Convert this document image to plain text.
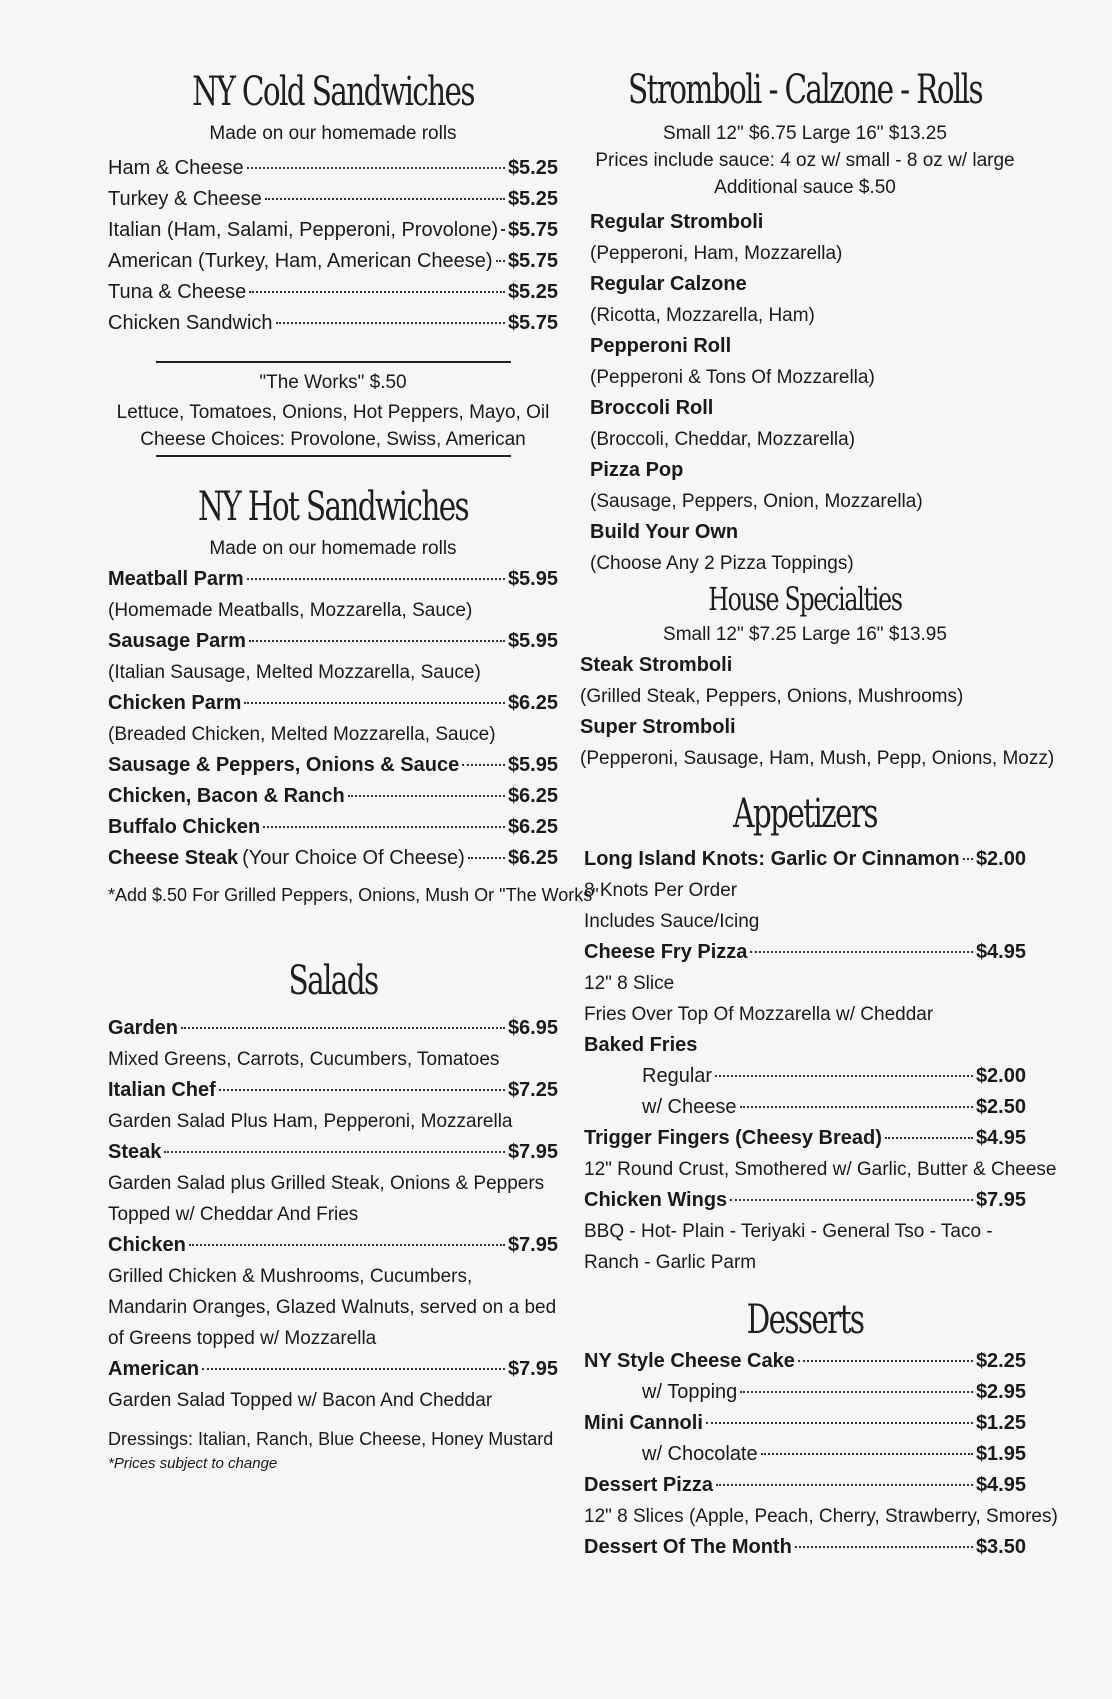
NY Cold Sandwiches
Made on our homemade rolls
Ham & Cheese	$5.25
Turkey & Cheese	$5.25
Italian (Ham, Salami, Pepperoni, Provolone) $5.75
American (Turkey, Ham, American Cheese) $5.75
Tuna & Cheese	$5.25
Chicken Sandwich	$5.75
"The Works" $.50
Lettuce, Tomatoes, Onions, Hot Peppers, Mayo, Oil
Cheese Choices: Provolone, Swiss, American
NY Hot Sandwiches
Made on our homemade rolls
Meatball Parm	$5.95
(Homemade Meatballs, Mozzarella, Sauce)
Sausage Parm	$5.95
(Italian Sausage, Melted Mozzarella, Sauce)
Chicken Parm	$6.25
(Breaded Chicken, Melted Mozzarella, Sauce)
Sausage & Peppers, Onions & Sauce $5.95
Chicken, Bacon & Ranch	$6.25
Buffalo Chicken	$6.25
Cheese Steak (Your Choice Of Cheese) $6.25
*Add $.50 For Grilled Peppers, Onions, Mush Or "The Works"
Salads
Garden	$6.95
Mixed Greens, Carrots, Cucumbers, Tomatoes
Italian Chef	$7.25
Garden Salad Plus Ham, Pepperoni, Mozzarella
Steak	$7.95
Garden Salad plus Grilled Steak, Onions & Peppers
Topped w/ Cheddar And Fries
Chicken	$7.95
Grilled Chicken & Mushrooms, Cucumbers,
Mandarin Oranges, Glazed Walnuts, served on a bed
of Greens topped w/ Mozzarella
American	$7.95
Garden Salad Topped w/ Bacon And Cheddar
Dressings: Italian, Ranch, Blue Cheese, Honey Mustard
*Prices subject to change
Stromboli - Calzone - Rolls
Small 12" $6.75 Large 16" $13.25
Prices include sauce: 4 oz w/ small - 8 oz w/ large
Additional sauce $.50
Regular Stromboli
(Pepperoni, Ham, Mozzarella)
Regular Calzone
(Ricotta, Mozzarella, Ham)
Pepperoni Roll
(Pepperoni & Tons Of Mozzarella)
Broccoli Roll
(Broccoli, Cheddar, Mozzarella)
Pizza Pop
(Sausage, Peppers, Onion, Mozzarella)
Build Your Own
(Choose Any 2 Pizza Toppings)
House Specialties
Small 12" $7.25 Large 16" $13.95
Steak Stromboli
(Grilled Steak, Peppers, Onions, Mushrooms)
Super Stromboli
(Pepperoni, Sausage, Ham, Mush, Pepp, Onions, Mozz)
Appetizers
Long Island Knots: Garlic Or Cinnamon $2.00
8 Knots Per Order
Includes Sauce/Icing
Cheese Fry Pizza	$4.95
12" 8 Slice
Fries Over Top Of Mozzarella w/ Cheddar
Baked Fries
Regular	$2.00
w/ Cheese	$2.50
Trigger Fingers (Cheesy Bread)	$4.95
12" Round Crust, Smothered w/ Garlic, Butter & Cheese
Chicken Wings	$7.95
BBQ - Hot- Plain - Teriyaki - General Tso - Taco -
Ranch - Garlic Parm
Desserts
NY Style Cheese Cake	$2.25
w/ Topping	$2.95
Mini Cannoli	$1.25
w/ Chocolate	$1.95
Dessert Pizza	$4.95
12" 8 Slices (Apple, Peach, Cherry, Strawberry, Smores)
Dessert Of The Month	$3.50
